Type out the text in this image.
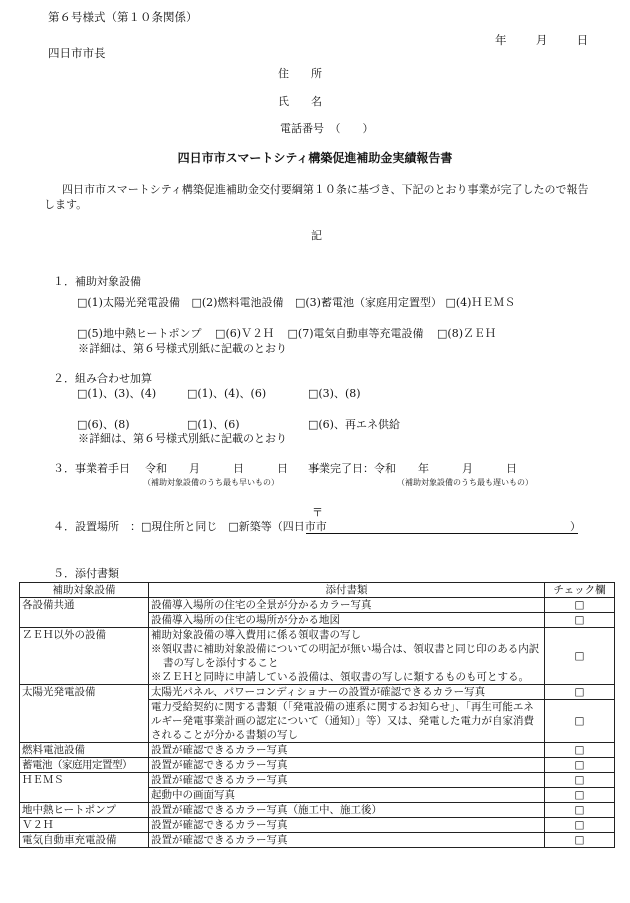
第６号様式（第１０条関係）
年	月	日
四日市市長
住　　所
氏　　名
電話番号　（　　）
四日市市スマートシティ構築促進補助金実績報告書
四日市市スマートシティ構築促進補助金交付要綱第１０条に基づき、下記のとおり事業が完了したので報告します。
記
１．補助対象設備
□(1)太陽光発電設備 □(2)燃料電池設備 □(3)蓄電池（家庭用定置型） □(4)ＨＥＭＳ
□(5)地中熱ヒートポンプ □(6)Ｖ２Ｈ □(7)電気自動車等充電設備 □(8)ＺＥＨ
※詳細は、第６号様式別紙に記載のとおり
２．組み合わせ加算
□(1)、(3)、(4)	□(1)、(4)、(6)	□(3)、(8)
□(6)、(8)	□(1)、(6)	□(6)、再エネ供給
※詳細は、第６号様式別紙に記載のとおり
３．事業着手日 令和　　月　　　日　　　日　　～
事業完了日：令和　　年　　　月　　　日
（補助対象設備のうち最も早いもの）	（補助対象設備のうち最も遅いもの）
〒
４．設置場所　：□現住所と同じ　□新築等（四日市市	）
５．添付書類
補助対象設備	添付書類	チェック欄
各設備共通	設備導入場所の住宅の全景が分かるカラー写真	□
	設備導入場所の住宅の場所が分かる地図	□
ＺＥＨ以外の設備	補助対象設備の導入費用に係る領収書の写し
※領収書に補助対象設備についての明記が無い場合は、領収書と同じ印のある内訳書の写しを添付すること
※ＺＥＨと同時に申請している設備は、領収書の写しに類するものも可とする。	□
太陽光発電設備	太陽光パネル、パワーコンディショナーの設置が確認できるカラー写真	□
	電力受給契約に関する書類（「発電設備の連系に関するお知らせ」、「再生可能エネルギー発電事業計画の認定について（通知）」等）又は、発電した電力が自家消費されることが分かる書類の写し	□
燃料電池設備	設置が確認できるカラー写真	□
蓄電池（家庭用定置型）	設置が確認できるカラー写真	□
ＨＥＭＳ	設置が確認できるカラー写真	□
	起動中の画面写真	□
地中熱ヒートポンプ	設置が確認できるカラー写真（施工中、施工後）	□
Ｖ２Ｈ	設置が確認できるカラー写真	□
電気自動車充電設備	設置が確認できるカラー写真	□
